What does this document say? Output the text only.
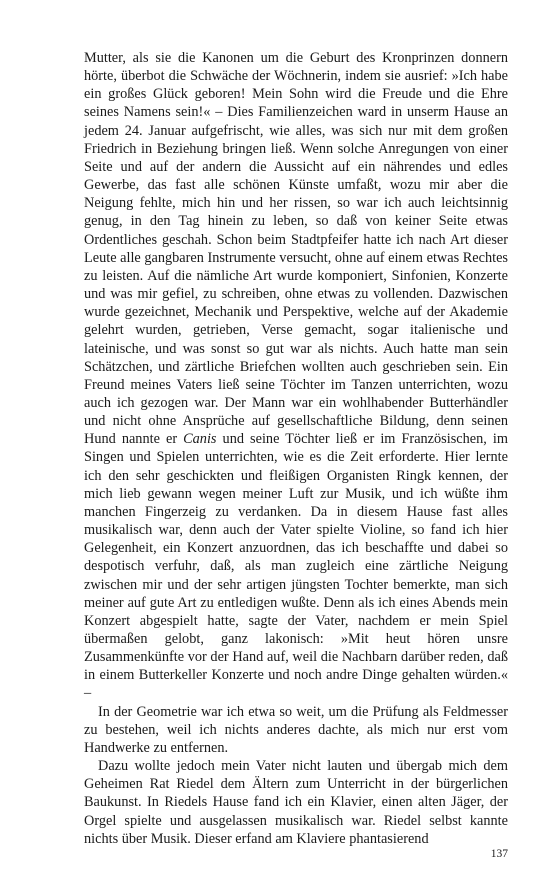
Mutter, als sie die Kanonen um die Geburt des Kronprinzen donnern hörte, überbot die Schwäche der Wöchnerin, indem sie ausrief: »Ich habe ein großes Glück geboren! Mein Sohn wird die Freude und die Ehre seines Namens sein!« – Dies Familienzeichen ward in unserm Hause an jedem 24. Januar aufgefrischt, wie alles, was sich nur mit dem großen Friedrich in Beziehung bringen ließ. Wenn solche Anregungen von einer Seite und auf der andern die Aussicht auf ein nährendes und edles Gewerbe, das fast alle schönen Künste umfaßt, wozu mir aber die Neigung fehlte, mich hin und her rissen, so war ich auch leichtsinnig genug, in den Tag hinein zu leben, so daß von keiner Seite etwas Ordentliches geschah. Schon beim Stadtpfeifer hatte ich nach Art dieser Leute alle gangbaren Instrumente versucht, ohne auf einem etwas Rechtes zu leisten. Auf die nämliche Art wurde komponiert, Sinfonien, Konzerte und was mir gefiel, zu schreiben, ohne etwas zu vollenden. Dazwischen wurde gezeichnet, Mechanik und Perspektive, welche auf der Akademie gelehrt wurden, getrieben, Verse gemacht, sogar italienische und lateinische, und was sonst so gut war als nichts. Auch hatte man sein Schätzchen, und zärtliche Briefchen wollten auch geschrieben sein. Ein Freund meines Vaters ließ seine Töchter im Tanzen unterrichten, wozu auch ich gezogen war. Der Mann war ein wohlhabender Butterhändler und nicht ohne Ansprüche auf gesellschaftliche Bildung, denn seinen Hund nannte er Canis und seine Töchter ließ er im Französischen, im Singen und Spielen unterrichten, wie es die Zeit erforderte. Hier lernte ich den sehr geschickten und fleißigen Organisten Ringk kennen, der mich lieb gewann wegen meiner Luft zur Musik, und ich wüßte ihm manchen Fingerzeig zu verdanken. Da in diesem Hause fast alles musikalisch war, denn auch der Vater spielte Violine, so fand ich hier Gelegenheit, ein Konzert anzuordnen, das ich beschaffte und dabei so despotisch verfuhr, daß, als man zugleich eine zärtliche Neigung zwischen mir und der sehr artigen jüngsten Tochter bemerkte, man sich meiner auf gute Art zu entledigen wußte. Denn als ich eines Abends mein Konzert abgespielt hatte, sagte der Vater, nachdem er mein Spiel übermaßen gelobt, ganz lakonisch: »Mit heut hören unsre Zusammenkünfte vor der Hand auf, weil die Nachbarn darüber reden, daß in einem Butterkeller Konzerte und noch andre Dinge gehalten würden.« –

In der Geometrie war ich etwa so weit, um die Prüfung als Feldmesser zu bestehen, weil ich nichts anderes dachte, als mich nur erst vom Handwerke zu entfernen.

Dazu wollte jedoch mein Vater nicht lauten und übergab mich dem Geheimen Rat Riedel dem Ältern zum Unterricht in der bürgerlichen Baukunst. In Riedels Hause fand ich ein Klavier, einen alten Jäger, der Orgel spielte und ausgelassen musikalisch war. Riedel selbst kannte nichts über Musik. Dieser erfand am Klaviere phantasierend

137
